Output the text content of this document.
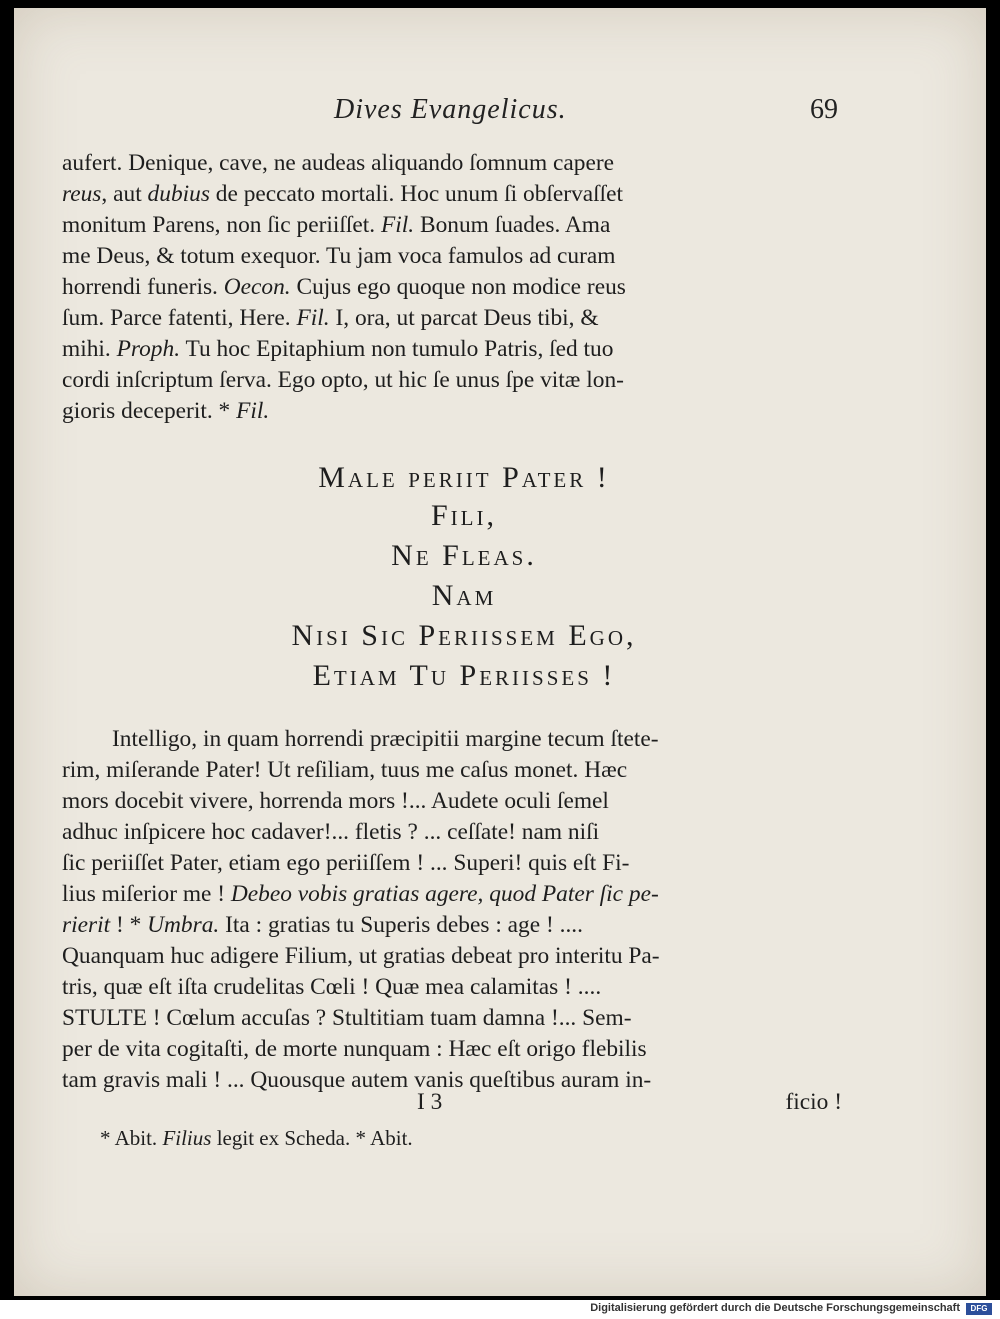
Dives Evangelicus.	69
aufert. Denique, cave, ne audeas aliquando ſomnum capere
reus, aut dubius de peccato mortali. Hoc unum ſi obſervaſſet
monitum Parens, non ſic periiſſet. Fil. Bonum ſuades. Ama
me Deus, & totum exequor. Tu jam voca famulos ad curam
horrendi funeris. Oecon. Cujus ego quoque non modice reus
ſum. Parce fatenti, Here. Fil. I, ora, ut parcat Deus tibi, &
mihi. Proph. Tu hoc Epitaphium non tumulo Patris, ſed tuo
cordi inſcriptum ſerva. Ego opto, ut hic ſe unus ſpe vitæ lon-
gioris deceperit. * Fil.
Male periit Pater !
Fili,
Ne Fleas.
Nam
Nisi Sic Periissem Ego,
Etiam Tu Periisses !
Intelligo, in quam horrendi præcipitii margine tecum ſtete-
rim, miſerande Pater! Ut reſiliam, tuus me caſus monet. Hæc
mors docebit vivere, horrenda mors !... Audete oculi ſemel
adhuc inſpicere hoc cadaver!... fletis ? ... ceſſate! nam niſi
ſic periiſſet Pater, etiam ego periiſſem ! ... Superi! quis eſt Fi-
lius miſerior me ! Debeo vobis gratias agere, quod Pater ſic pe-
rierit ! * Umbra. Ita : gratias tu Superis debes : age ! ....
Quanquam huc adigere Filium, ut gratias debeat pro interitu Pa-
tris, quæ eſt iſta crudelitas Cœli ! Quæ mea calamitas ! ....
STULTE ! Cœlum accuſas ? Stultitiam tuam damna !... Sem-
per de vita cogitaſti, de morte nunquam : Hæc eſt origo flebilis
tam gravis mali ! ... Quousque autem vanis queſtibus auram in-
I 3	ficio !
* Abit. Filius legit ex Scheda. * Abit.
Digitalisierung gefördert durch die Deutsche Forschungsgemeinschaft	DFG
